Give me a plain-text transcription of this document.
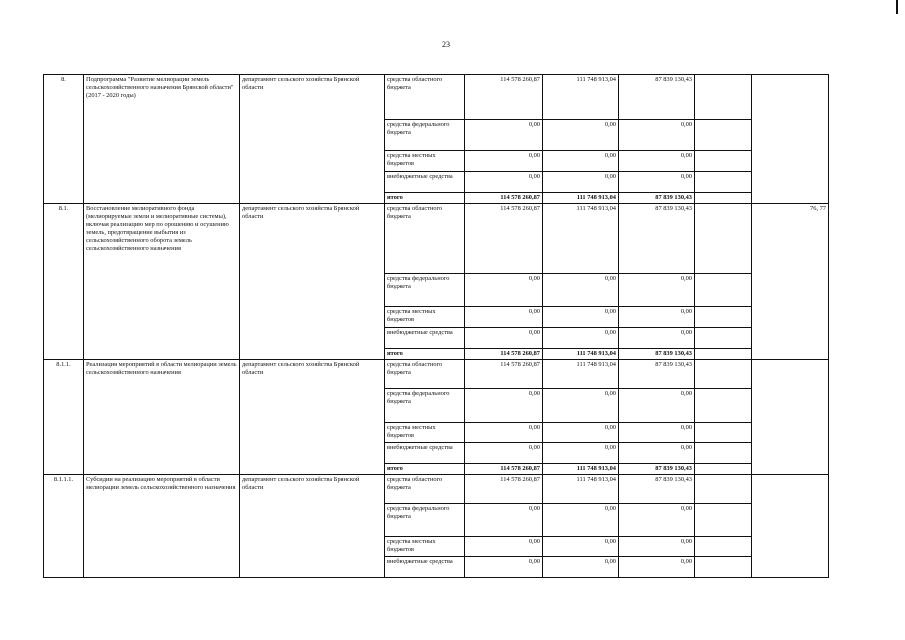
23
8.	Подпрограмма "Развитие мелиорации земель сельскохозяйственного назначения Брянской области" (2017 - 2020 годы)	департамент сельского хозяйства Брянской области	средства областного бюджета	114 578 260,87	111 748 913,04	87 839 130,43		
			средства федерального бюджета	0,00	0,00	0,00		
			средства местных бюджетов	0,00	0,00	0,00		
			внебюджетные средства	0,00	0,00	0,00		
			итого	114 578 260,87	111 748 913,04	87 839 130,43		
8.1.	Восстановление мелиоративного фонда (мелиорируемые земли и мелиоративные системы), включая реализацию мер по орошению и осушению земель, предотвращение выбытия из сельскохозяйственного оборота земель сельскохозяйственного назначения	департамент сельского хозяйства Брянской области	средства областного бюджета	114 578 260,87	111 748 913,04	87 839 130,43		76, 77
			средства федерального бюджета	0,00	0,00	0,00		
			средства местных бюджетов	0,00	0,00	0,00		
			внебюджетные средства	0,00	0,00	0,00		
			итого	114 578 260,87	111 748 913,04	87 839 130,43		
8.1.1.	Реализация мероприятий в области мелиорации земель сельскохозяйственного назначения	департамент сельского хозяйства Брянской области	средства областного бюджета	114 578 260,87	111 748 913,04	87 839 130,43		
			средства федерального бюджета	0,00	0,00	0,00		
			средства местных бюджетов	0,00	0,00	0,00		
			внебюджетные средства	0,00	0,00	0,00		
			итого	114 578 260,87	111 748 913,04	87 839 130,43		
8.1.1.1.	Субсидии на реализацию мероприятий в области мелиорации земель сельскохозяйственного назначения	департамент сельского хозяйства Брянской области	средства областного бюджета	114 578 260,87	111 748 913,04	87 839 130,43		
			средства федерального бюджета	0,00	0,00	0,00		
			средства местных бюджетов	0,00	0,00	0,00		
			внебюджетные средства	0,00	0,00	0,00		
